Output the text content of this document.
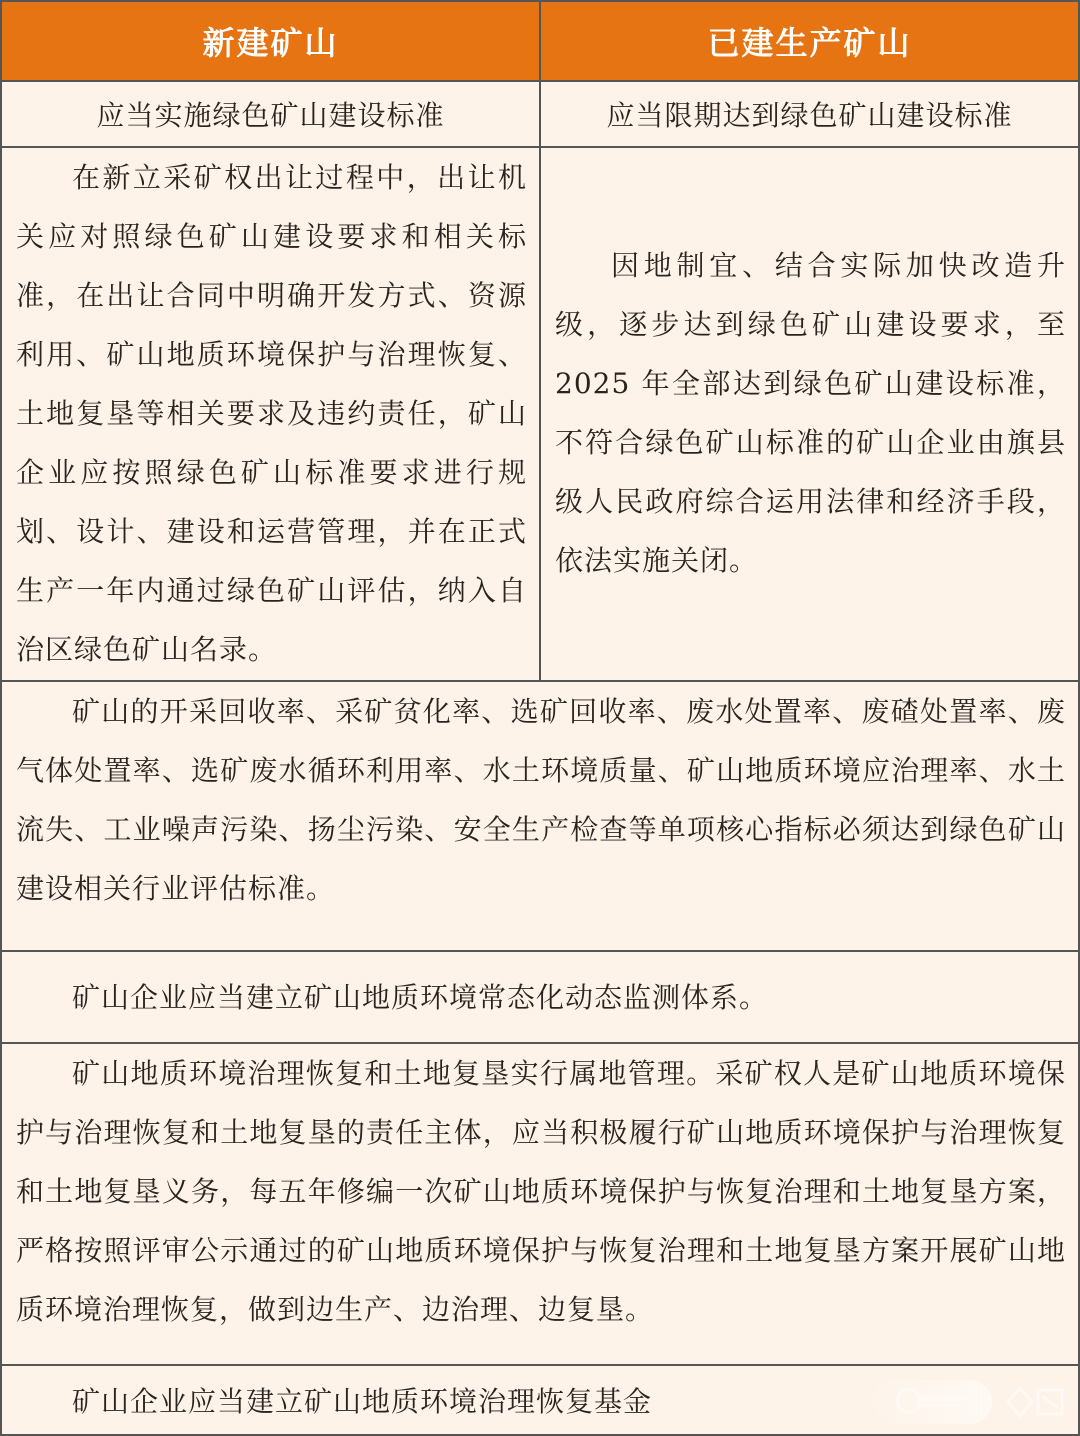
新建矿山	已建生产矿山
应当实施绿色矿山建设标准	应当限期达到绿色矿山建设标准

在新立采矿权出让过程中，出让机关应对照绿色矿山建设要求和相关标准，在出让合同中明确开发方式、资源利用、矿山地质环境保护与治理恢复、土地复垦等相关要求及违约责任，矿山企业应按照绿色矿山标准要求进行规划、设计、建设和运营管理，并在正式生产一年内通过绿色矿山评估，纳入自治区绿色矿山名录。

因地制宜、结合实际加快改造升级，逐步达到绿色矿山建设要求，至 2025 年全部达到绿色矿山建设标准，不符合绿色矿山标准的矿山企业由旗县级人民政府综合运用法律和经济手段，依法实施关闭。

矿山的开采回收率、采矿贫化率、选矿回收率、废水处置率、废碴处置率、废气体处置率、选矿废水循环利用率、水土环境质量、矿山地质环境应治理率、水土流失、工业噪声污染、扬尘污染、安全生产检查等单项核心指标必须达到绿色矿山建设相关行业评估标准。

矿山企业应当建立矿山地质环境常态化动态监测体系。

矿山地质环境治理恢复和土地复垦实行属地管理。采矿权人是矿山地质环境保护与治理恢复和土地复垦的责任主体，应当积极履行矿山地质环境保护与治理恢复和土地复垦义务，每五年修编一次矿山地质环境保护与恢复治理和土地复垦方案，严格按照评审公示通过的矿山地质环境保护与恢复治理和土地复垦方案开展矿山地质环境治理恢复，做到边生产、边治理、边复垦。

矿山企业应当建立矿山地质环境治理恢复基金
